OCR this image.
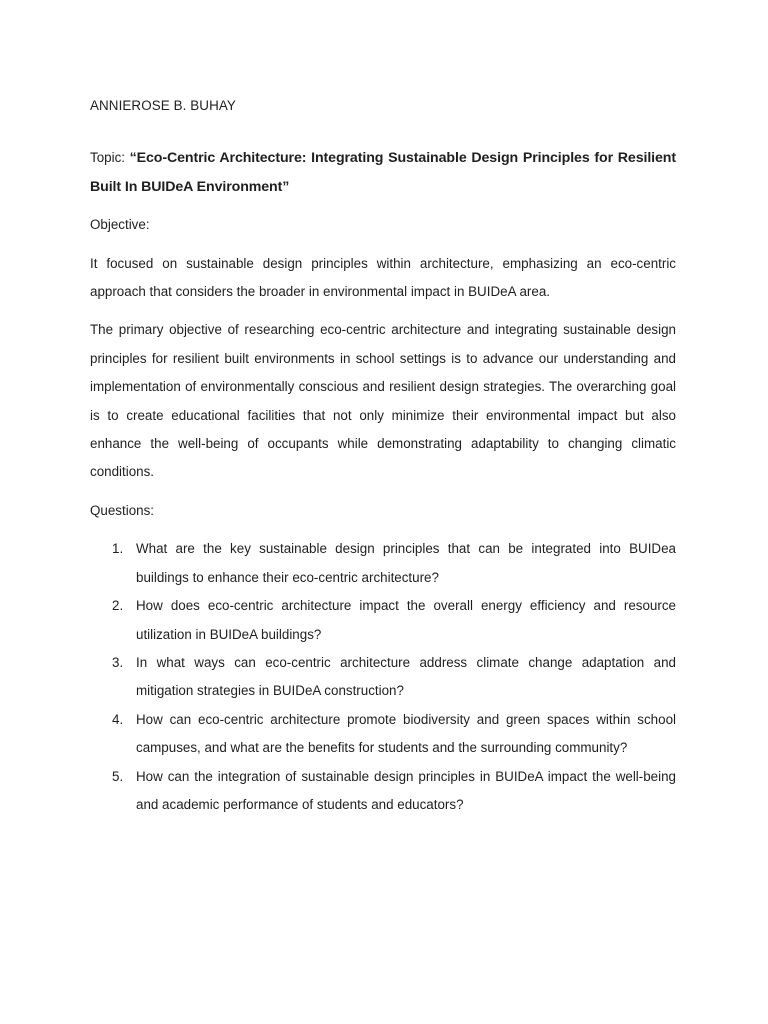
ANNIEROSE B. BUHAY

Topic: “Eco-Centric Architecture: Integrating Sustainable Design Principles for Resilient Built In BUIDeA Environment”

Objective:

It focused on sustainable design principles within architecture, emphasizing an eco-centric approach that considers the broader in environmental impact in BUIDeA area.

The primary objective of researching eco-centric architecture and integrating sustainable design principles for resilient built environments in school settings is to advance our understanding and implementation of environmentally conscious and resilient design strategies. The overarching goal is to create educational facilities that not only minimize their environmental impact but also enhance the well-being of occupants while demonstrating adaptability to changing climatic conditions.

Questions:

1. What are the key sustainable design principles that can be integrated into BUIDea buildings to enhance their eco-centric architecture?
2. How does eco-centric architecture impact the overall energy efficiency and resource utilization in BUIDeA buildings?
3. In what ways can eco-centric architecture address climate change adaptation and mitigation strategies in BUIDeA construction?
4. How can eco-centric architecture promote biodiversity and green spaces within school campuses, and what are the benefits for students and the surrounding community?
5. How can the integration of sustainable design principles in BUIDeA impact the well-being and academic performance of students and educators?
